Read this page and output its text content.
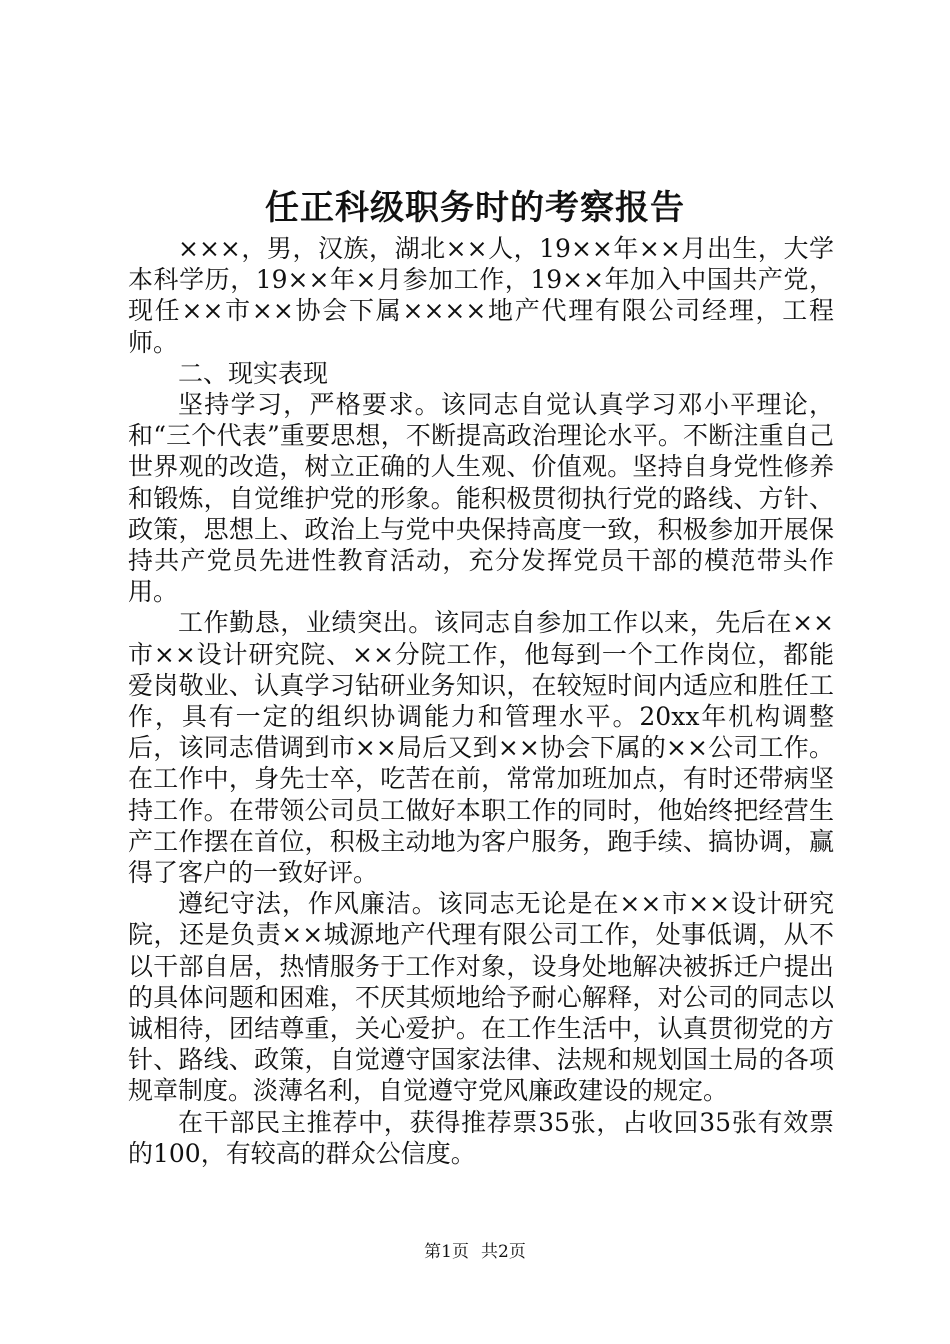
任正科级职务时的考察报告

×××，男，汉族，湖北××人，19××年××月出生，大学本科学历，19××年×月参加工作，19××年加入中国共产党，现任××市××协会下属××××地产代理有限公司经理，工程师。

二、现实表现

坚持学习，严格要求。该同志自觉认真学习邓小平理论，和“三个代表”重要思想，不断提高政治理论水平。不断注重自己世界观的改造，树立正确的人生观、价值观。坚持自身党性修养和锻炼，自觉维护党的形象。能积极贯彻执行党的路线、方针、政策，思想上、政治上与党中央保持高度一致，积极参加开展保持共产党员先进性教育活动，充分发挥党员干部的模范带头作用。

工作勤恳，业绩突出。该同志自参加工作以来，先后在××市××设计研究院、××分院工作，他每到一个工作岗位，都能爱岗敬业、认真学习钻研业务知识，在较短时间内适应和胜任工作，具有一定的组织协调能力和管理水平。20xx年机构调整后，该同志借调到市××局后又到××协会下属的××公司工作。在工作中，身先士卒，吃苦在前，常常加班加点，有时还带病坚持工作。在带领公司员工做好本职工作的同时，他始终把经营生产工作摆在首位，积极主动地为客户服务，跑手续、搞协调，赢得了客户的一致好评。

遵纪守法，作风廉洁。该同志无论是在××市××设计研究院，还是负责××城源地产代理有限公司工作，处事低调，从不以干部自居，热情服务于工作对象，设身处地解决被拆迁户提出的具体问题和困难，不厌其烦地给予耐心解释，对公司的同志以诚相待，团结尊重，关心爱护。在工作生活中，认真贯彻党的方针、路线、政策，自觉遵守国家法律、法规和规划国土局的各项规章制度。淡薄名利，自觉遵守党风廉政建设的规定。

在干部民主推荐中，获得推荐票35张，占收回35张有效票的100，有较高的群众公信度。

第1页 共2页
